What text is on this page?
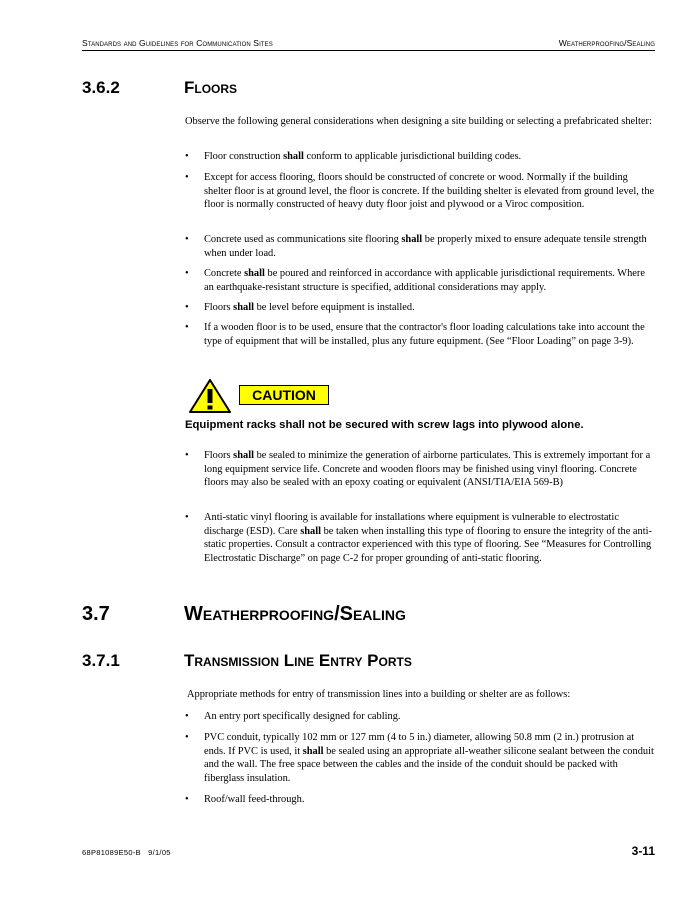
Standards and Guidelines for Communication Sites	Weatherproofing/Sealing
3.6.2	Floors
Observe the following general considerations when designing a site building or selecting a prefabricated shelter:
• Floor construction shall conform to applicable jurisdictional building codes.
• Except for access flooring, floors should be constructed of concrete or wood. Normally if the building shelter floor is at ground level, the floor is concrete. If the building shelter is elevated from ground level, the floor is normally constructed of heavy duty floor joist and plywood or a Viroc composition.
• Concrete used as communications site flooring shall be properly mixed to ensure adequate tensile strength when under load.
• Concrete shall be poured and reinforced in accordance with applicable jurisdictional requirements. Where an earthquake-resistant structure is specified, additional considerations may apply.
• Floors shall be level before equipment is installed.
• If a wooden floor is to be used, ensure that the contractor's floor loading calculations take into account the type of equipment that will be installed, plus any future equipment. (See “Floor Loading” on page 3-9).
CAUTION
Equipment racks shall not be secured with screw lags into plywood alone.
• Floors shall be sealed to minimize the generation of airborne particulates. This is extremely important for a long equipment service life. Concrete and wooden floors may be finished using vinyl flooring. Concrete floors may also be sealed with an epoxy coating or equivalent (ANSI/TIA/EIA 569-B)
• Anti-static vinyl flooring is available for installations where equipment is vulnerable to electrostatic discharge (ESD). Care shall be taken when installing this type of flooring to ensure the integrity of the anti-static properties. Consult a contractor experienced with this type of flooring. See “Measures for Controlling Electrostatic Discharge” on page C-2 for proper grounding of anti-static flooring.
3.7	Weatherproofing/Sealing
3.7.1	Transmission Line Entry Ports
Appropriate methods for entry of transmission lines into a building or shelter are as follows:
• An entry port specifically designed for cabling.
• PVC conduit, typically 102 mm or 127 mm (4 to 5 in.) diameter, allowing 50.8 mm (2 in.) protrusion at ends. If PVC is used, it shall be sealed using an appropriate all-weather silicone sealant between the conduit and the wall. The free space between the cables and the inside of the conduit should be packed with fiberglass insulation.
• Roof/wall feed-through.
68P81089E50-B 9/1/05	3-11
